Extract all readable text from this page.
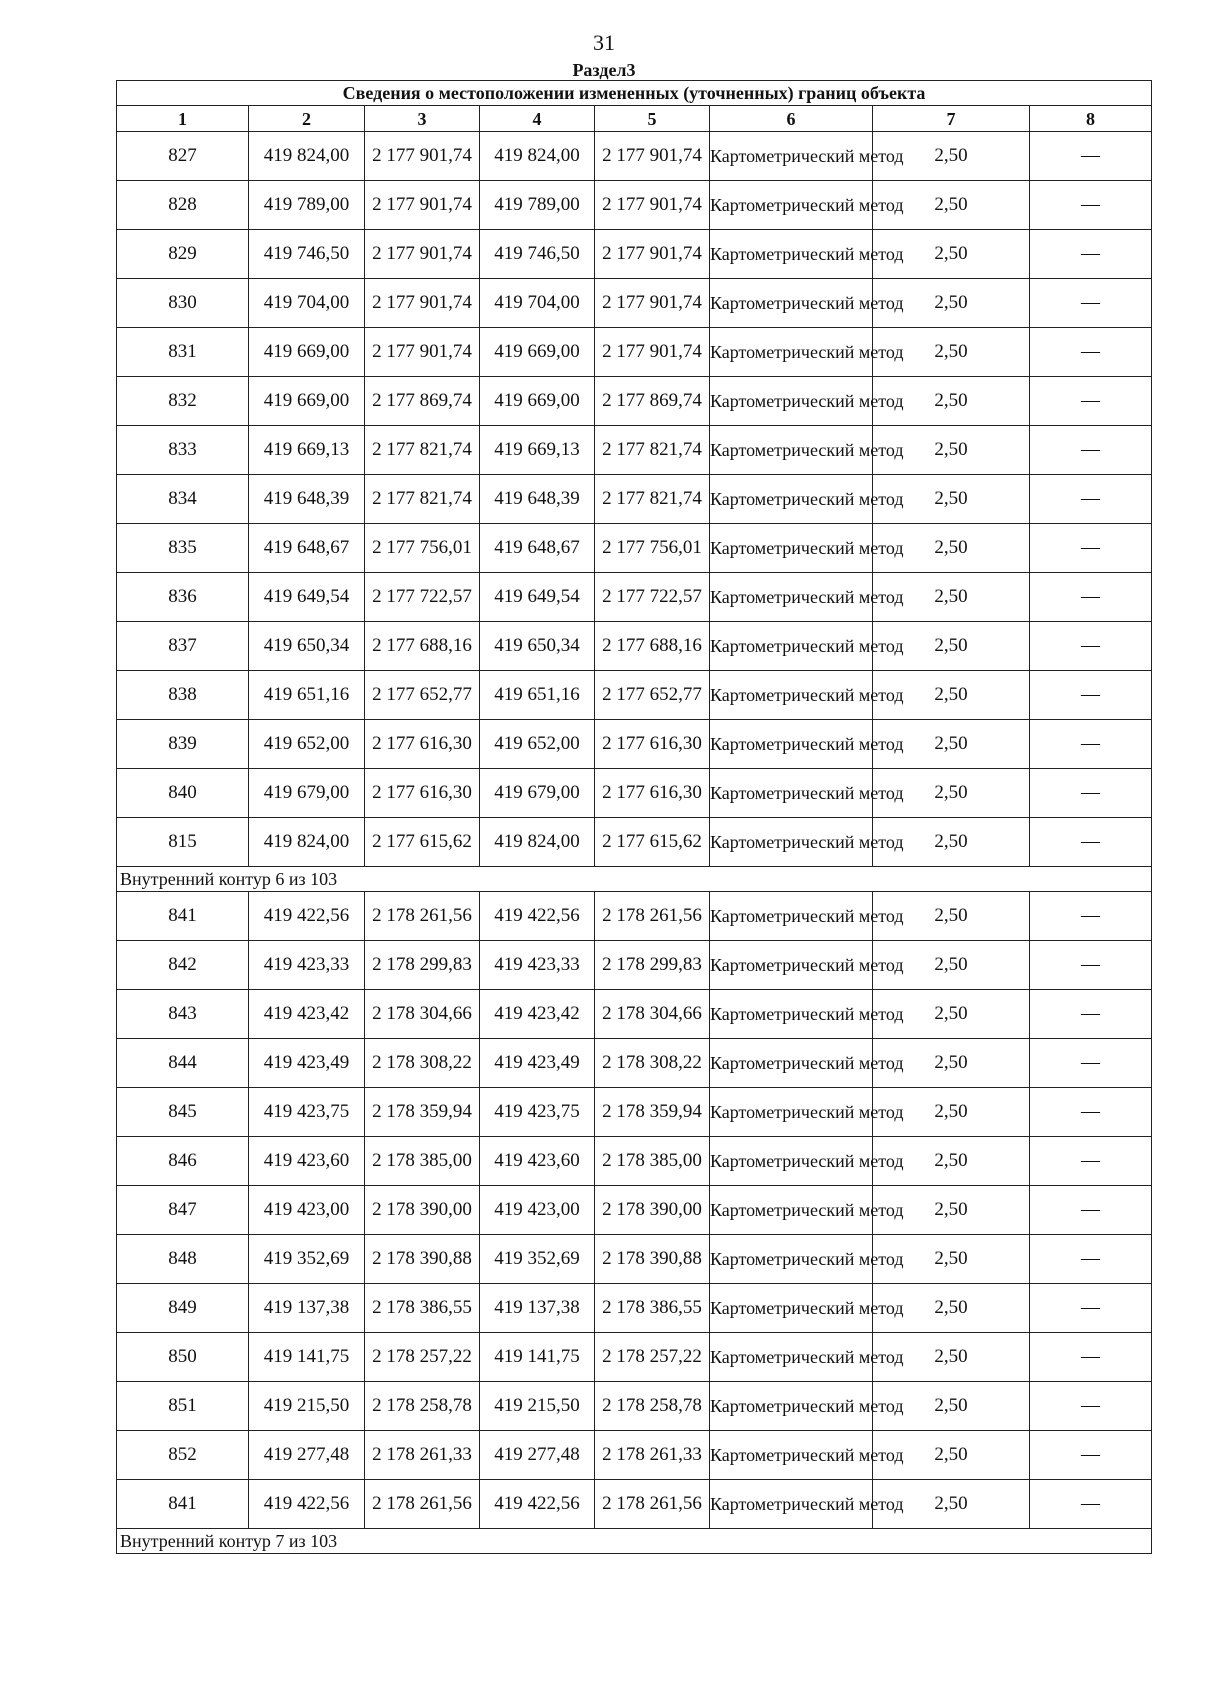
31
Раздел3
Сведения о местоположении измененных (уточненных) границ объекта							
1	2	3	4	5	6	7	8
827	419 824,00	2 177 901,74	419 824,00	2 177 901,74	Картометрический метод	2,50	—
828	419 789,00	2 177 901,74	419 789,00	2 177 901,74	Картометрический метод	2,50	—
829	419 746,50	2 177 901,74	419 746,50	2 177 901,74	Картометрический метод	2,50	—
830	419 704,00	2 177 901,74	419 704,00	2 177 901,74	Картометрический метод	2,50	—
831	419 669,00	2 177 901,74	419 669,00	2 177 901,74	Картометрический метод	2,50	—
832	419 669,00	2 177 869,74	419 669,00	2 177 869,74	Картометрический метод	2,50	—
833	419 669,13	2 177 821,74	419 669,13	2 177 821,74	Картометрический метод	2,50	—
834	419 648,39	2 177 821,74	419 648,39	2 177 821,74	Картометрический метод	2,50	—
835	419 648,67	2 177 756,01	419 648,67	2 177 756,01	Картометрический метод	2,50	—
836	419 649,54	2 177 722,57	419 649,54	2 177 722,57	Картометрический метод	2,50	—
837	419 650,34	2 177 688,16	419 650,34	2 177 688,16	Картометрический метод	2,50	—
838	419 651,16	2 177 652,77	419 651,16	2 177 652,77	Картометрический метод	2,50	—
839	419 652,00	2 177 616,30	419 652,00	2 177 616,30	Картометрический метод	2,50	—
840	419 679,00	2 177 616,30	419 679,00	2 177 616,30	Картометрический метод	2,50	—
815	419 824,00	2 177 615,62	419 824,00	2 177 615,62	Картометрический метод	2,50	—
Внутренний контур 6 из 103							
841	419 422,56	2 178 261,56	419 422,56	2 178 261,56	Картометрический метод	2,50	—
842	419 423,33	2 178 299,83	419 423,33	2 178 299,83	Картометрический метод	2,50	—
843	419 423,42	2 178 304,66	419 423,42	2 178 304,66	Картометрический метод	2,50	—
844	419 423,49	2 178 308,22	419 423,49	2 178 308,22	Картометрический метод	2,50	—
845	419 423,75	2 178 359,94	419 423,75	2 178 359,94	Картометрический метод	2,50	—
846	419 423,60	2 178 385,00	419 423,60	2 178 385,00	Картометрический метод	2,50	—
847	419 423,00	2 178 390,00	419 423,00	2 178 390,00	Картометрический метод	2,50	—
848	419 352,69	2 178 390,88	419 352,69	2 178 390,88	Картометрический метод	2,50	—
849	419 137,38	2 178 386,55	419 137,38	2 178 386,55	Картометрический метод	2,50	—
850	419 141,75	2 178 257,22	419 141,75	2 178 257,22	Картометрический метод	2,50	—
851	419 215,50	2 178 258,78	419 215,50	2 178 258,78	Картометрический метод	2,50	—
852	419 277,48	2 178 261,33	419 277,48	2 178 261,33	Картометрический метод	2,50	—
841	419 422,56	2 178 261,56	419 422,56	2 178 261,56	Картометрический метод	2,50	—
Внутренний контур 7 из 103							
